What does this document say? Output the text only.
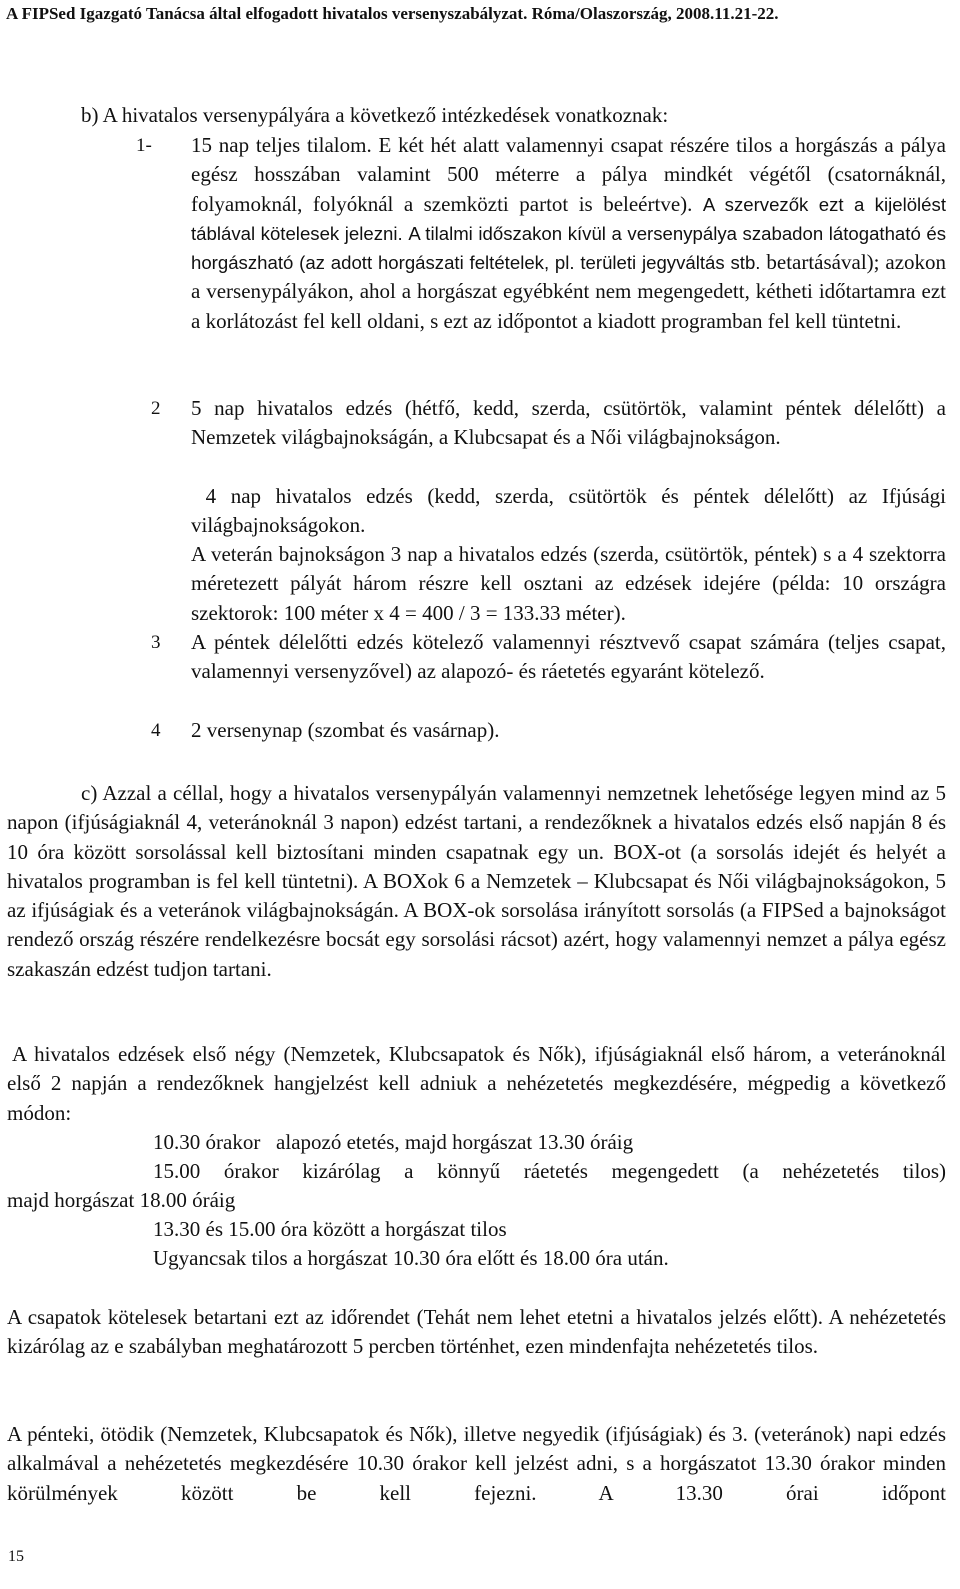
A FIPSed Igazgató Tanácsa által elfogadott hivatalos versenyszabályzat. Róma/Olaszország, 2008.11.21-22.
b) A hivatalos versenypályára a következő intézkedések vonatkoznak:
1- 15 nap teljes tilalom. E két hét alatt valamennyi csapat részére tilos a horgászás a pálya egész hosszában valamint 500 méterre a pálya mindkét végétől (csatornáknál, folyamoknál, folyóknál a szemközti partot is beleértve). A szervezők ezt a kijelölést táblával kötelesek jelezni. A tilalmi időszakon kívül a versenypálya szabadon látogatható és horgászható (az adott horgászati feltételek, pl. területi jegyváltás stb. betartásával); azokon a versenypályákon, ahol a horgászat egyébként nem megengedett, kétheti időtartamra ezt a korlátozást fel kell oldani, s ezt az időpontot a kiadott programban fel kell tüntetni.
2 5 nap hivatalos edzés (hétfő, kedd, szerda, csütörtök, valamint péntek délelőtt) a Nemzetek világbajnokságán, a Klubcsapat és a Női világbajnokságon.
4 nap hivatalos edzés (kedd, szerda, csütörtök és péntek délelőtt) az Ifjúsági világbajnokságokon.
A veterán bajnokságon 3 nap a hivatalos edzés (szerda, csütörtök, péntek) s a 4 szektorra méretezett pályát három részre kell osztani az edzések idejére (példa: 10 országra szektorok: 100 méter x 4 = 400 / 3 = 133.33 méter).
3 A péntek délelőtti edzés kötelező valamennyi résztvevő csapat számára (teljes csapat, valamennyi versenyzővel) az alapozó- és ráetetés egyaránt kötelező.
4 2 versenynap (szombat és vasárnap).
c) Azzal a céllal, hogy a hivatalos versenypályán valamennyi nemzetnek lehetősége legyen mind az 5 napon (ifjúságiaknál 4, veteránoknál 3 napon) edzést tartani, a rendezőknek a hivatalos edzés első napján 8 és 10 óra között sorsolással kell biztosítani minden csapatnak egy un. BOX-ot (a sorsolás idejét és helyét a hivatalos programban is fel kell tüntetni). A BOXok 6 a Nemzetek – Klubcsapat és Női világbajnokságokon, 5 az ifjúságiak és a veteránok világbajnokságán. A BOX-ok sorsolása irányított sorsolás (a FIPSed a bajnokságot rendező ország részére rendelkezésre bocsát egy sorsolási rácsot) azért, hogy valamennyi nemzet a pálya egész szakaszán edzést tudjon tartani.
A hivatalos edzések első négy (Nemzetek, Klubcsapatok és Nők), ifjúságiaknál első három, a veteránoknál első 2 napján a rendezőknek hangjelzést kell adniuk a nehézetetés megkezdésére, mégpedig a következő módon:
10.30 órakor   alapozó etetés, majd horgászat 13.30 óráig
15.00 órakor kizárólag a könnyű ráetetés megengedett (a nehézetetés tilos)
majd horgászat 18.00 óráig
13.30 és 15.00 óra között a horgászat tilos
Ugyancsak tilos a horgászat 10.30 óra előtt és 18.00 óra után.
A csapatok kötelesek betartani ezt az időrendet (Tehát nem lehet etetni a hivatalos jelzés előtt). A nehézetetés kizárólag az e szabályban meghatározott 5 percben történhet, ezen mindenfajta nehézetetés tilos.
A pénteki, ötödik (Nemzetek, Klubcsapatok és Nők), illetve negyedik (ifjúságiak) és 3. (veteránok) napi edzés alkalmával a nehézetetés megkezdésére 10.30 órakor kell jelzést adni, s a horgászatot 13.30 órakor minden körülmények között be kell fejezni. A 13.30 órai időpont
15
